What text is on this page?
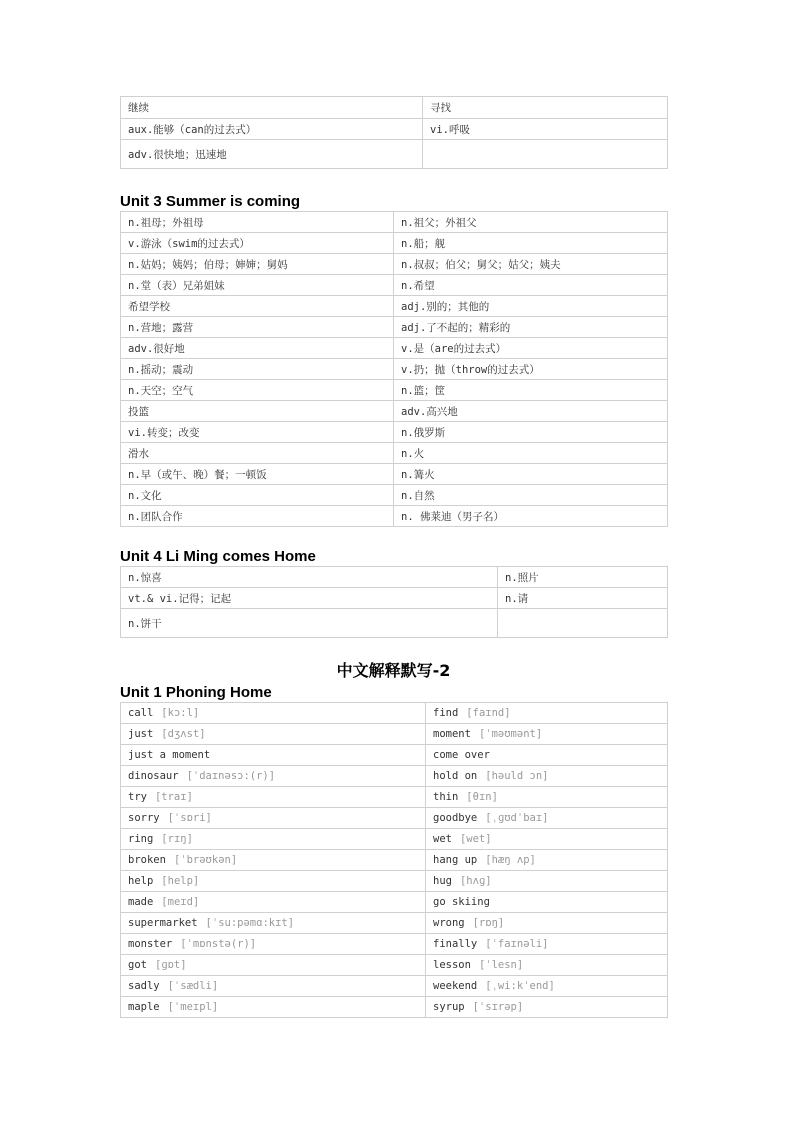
继续	寻找
aux.能够（can的过去式）	vi.呼吸
adv.很快地；迅速地	
Unit 3 Summer is coming
n.祖母；外祖母	n.祖父；外祖父
v.游泳（swim的过去式）	n.船；舰
n.姑妈；姨妈；伯母；婶婶；舅妈	n.叔叔；伯父；舅父；姑父；姨夫
n.堂（表）兄弟姐妹	n.希望
希望学校	adj.别的；其他的
n.营地；露营	adj.了不起的；精彩的
adv.很好地	v.是（are的过去式）
n.摇动；震动	v.扔；抛（throw的过去式）
n.天空；空气	n.篮；筐
投篮	adv.高兴地
vi.转变；改变	n.俄罗斯
滑水	n.火
n.早（或午、晚）餐；一顿饭	n.篝火
n.文化	n.自然
n.团队合作	n. 佛莱迪（男子名）
Unit 4 Li Ming comes Home
n.惊喜	n.照片
vt.& vi.记得；记起	n.请
n.饼干	
中文解释默写-2
Unit 1 Phoning Home
call [kɔ:l]	find [faɪnd]
just [dʒʌst]	moment [ˈməʊmənt]
just a moment	come over
dinosaur [ˈdaɪnəsɔ:(r)]	hold on [həuld ɔn]
try [traɪ]	thin [θɪn]
sorry [ˈsɒri]	goodbye [ˌɡʊdˈbaɪ]
ring [rɪŋ]	wet [wet]
broken [ˈbrəʊkən]	hang up [hæŋ ʌp]
help [help]	hug [hʌɡ]
made [meɪd]	go skiing
supermarket [ˈsu:pəmɑ:kɪt]	wrong [rɒŋ]
monster [ˈmɒnstə(r)]	finally [ˈfaɪnəli]
got [ɡɒt]	lesson [ˈlesn]
sadly [ˈsædli]	weekend [ˌwi:kˈend]
maple [ˈmeɪpl]	syrup [ˈsɪrəp]
